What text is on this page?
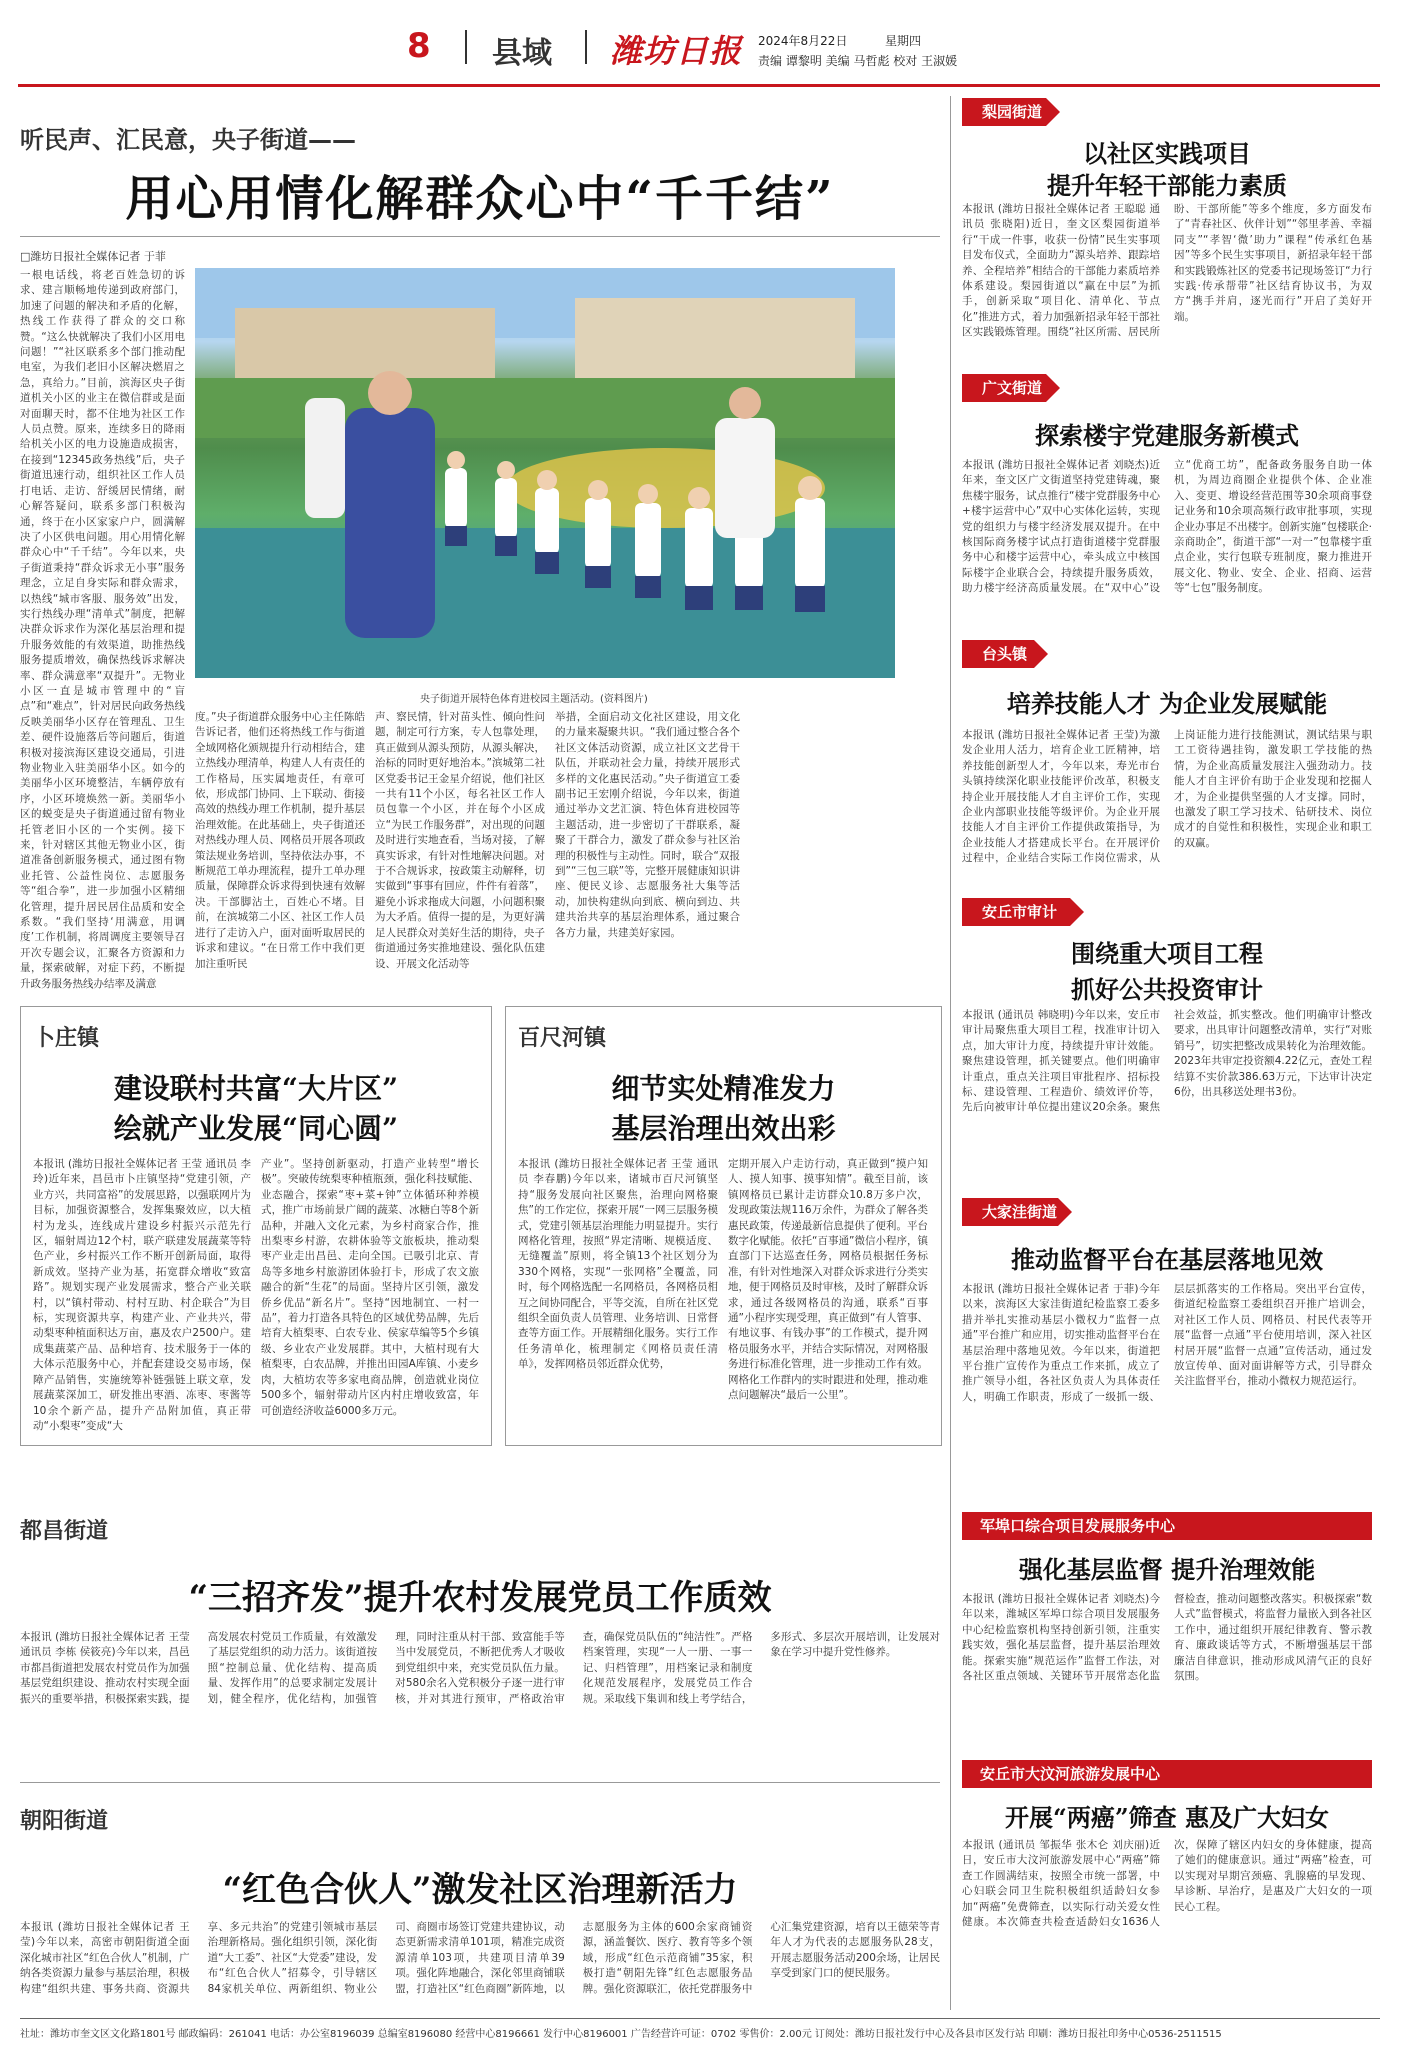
8 县域 潍坊日报 2024年8月22日	星期四
责编 谭黎明 美编 马哲彪 校对 王淑媛
听民声、汇民意，央子街道——
用心用情化解群众心中“千千结”
□潍坊日报社全媒体记者 于菲
一根电话线，将老百姓急切的诉求、建言顺畅地传递到政府部门，加速了问题的解决和矛盾的化解，热线工作获得了群众的交口称赞。“这么快就解决了我们小区用电问题！”“社区联系多个部门推动配电室，为我们老旧小区解决燃眉之急，真给力。”目前，滨海区央子街道机关小区的业主在微信群或是面对面聊天时，都不住地为社区工作人员点赞。原来，连续多日的降雨给机关小区的电力设施造成损害，在接到“12345政务热线”后，央子街道迅速行动，组织社区工作人员打电话、走访、舒缓居民情绪，耐心解答疑问，联系多部门积极沟通，终于在小区家家户户，圆满解决了小区供电问题。用心用情化解群众心中“千千结”。今年以来，央子街道秉持“群众诉求无小事”服务理念，立足自身实际和群众需求，以热线“城市客服、服务效”出发，实行热线办理“清单式”制度，把解决群众诉求作为深化基层治理和提升服务效能的有效渠道，助推热线服务提质增效，确保热线诉求解决率、群众满意率“双提升”。无物业小区一直是城市管理中的“盲点”和“难点”，针对居民向政务热线反映美丽华小区存在管理乱、卫生差、硬件设施落后等问题后，街道积极对接滨海区建设交通局，引进物业物业入驻美丽华小区。如今的美丽华小区环境整洁，车辆停放有序，小区环境焕然一新。美丽华小区的蜕变是央子街道通过留有物业托管老旧小区的一个实例。接下来，针对辖区其他无物业小区，街道准备创新服务模式，通过图有物业托管、公益性岗位、志愿服务等“组合拳”，进一步加强小区精细化管理，提升居民居住品质和安全系数。“我们坚持‘用满意，用调度’工作机制，将周调度主要领导召开次专题会议，汇聚各方资源和力量，探索破解，对症下药，不断提升政务服务热线办结率及满意
央子街道开展特色体育进校园主题活动。(资料图片)
度。”央子街道群众服务中心主任陈皓告诉记者，他们还将热线工作与街道全域网格化颁规提升行动相结合，建立热线办理清单，构建人人有责任的工作格局，压实属地责任，有章可依，形成部门协同、上下联动、街接高效的热线办理工作机制，提升基层治理效能。在此基础上，央子街道还对热线办理人员、网格员开展各项政策法规业务培训，坚持依法办事，不断规范工单办理流程，提升工单办理质量，保障群众诉求得到快速有效解决。干部脚沾土，百姓心不堵。目前，在滨城第二小区、社区工作人员进行了走访入户，面对面听取居民的诉求和建议。“在日常工作中我们更加注重听民
声、察民情，针对苗头性、倾向性问题，制定可行方案，专人包靠处理，真正做到从源头预防，从源头解决，治标的同时更好地治本。”滨城第二社区党委书记王金星介绍说，他们社区一共有11个小区，每名社区工作人员包靠一个小区，并在每个小区成立“为民工作服务群”，对出现的问题及时进行实地查看，当场对接，了解真实诉求，有针对性地解决问题。对于不合规诉求，按政策主动解释，切实做到“事事有回应，件件有着落”，避免小诉求拖成大问题，小问题积聚为大矛盾。值得一提的是，为更好满足人民群众对美好生活的期待，央子街道通过务实推地建设、强化队伍建设、开展文化活动等
举措，全面启动文化社区建设，用文化的力量来凝聚共识。“我们通过整合各个社区文体活动资源，成立社区文艺骨干队伍，并联动社会力量，持续开展形式多样的文化惠民活动。”央子街道宣工委副书记王宏刚介绍说，今年以来，街道通过举办文艺汇演、特色体育进校园等主题活动，进一步密切了干群联系，凝聚了干群合力，激发了群众参与社区治理的积极性与主动性。同时，联合“双报到”“三包三联”等，完整开展健康知识讲座、便民义诊、志愿服务社大集等活动，加快构建纵向到底、横向到边、共建共治共享的基层治理体系，通过聚合各方力量，共建美好家园。
卜庄镇
建设联村共富“大片区”
绘就产业发展“同心圆”
本报讯 (潍坊日报社全媒体记者 王莹 通讯员 李玲)近年来，昌邑市卜庄镇坚持“党建引领，产业方兴，共同富裕”的发展思路，以强联网片为目标，加强资源整合，发挥集聚效应，以大植村为龙头，连线成片建设乡村振兴示范先行区，辐射周边12个村，联产联建发展蔬菜等特色产业，乡村振兴工作不断开创新局面，取得新成效。坚持产业为基，拓宽群众增收“致富路”。规划实现产业发展需求，整合产业关联村，以“镇村带动、村村互助、村企联合”为目标，实现资源共享，构建产业、产业共兴，带动梨枣种植面积达万亩，惠及农户2500户。建成集蔬菜产品、品种培育、技术服务于一体的大体示范服务中心，并配套建设交易市场，保障产品销售，实施统筹补链强链上联文章，发展蔬菜深加工，研发推出枣酒、冻枣、枣酱等10余个新产品，提升产品附加值，真正带动“小梨枣”变成“大
产业”。坚持创新驱动，打造产业转型“增长极”。突破传统梨枣种植瓶颈，强化科技赋能、业态融合，探索“枣+菜+钟”立体循环种养模式，推广市场前景广阔的蔬菜、冰糖白等8个新品种，并融入文化元素，为乡村商家合作，推出梨枣乡村游，农耕体验等文旅板块，推动梨枣产业走出昌邑、走向全国。已吸引北京、青岛等多地乡村旅游团体验打卡，形成了农文旅融合的新“生花”的局面。坚持片区引领，激发侨乡优品“新名片”。坚持“因地制宜、一村一品”，着力打造各具特色的区域优势品牌，先后培育大植梨枣、白农专业、侯家草编等5个乡镇级、乡业农产业发展群。其中，大植村现有大植梨枣，白农品牌，并推出田园A库镇、小麦乡肉，大植坊农等多家电商品牌，创造就业岗位500多个，辐射带动片区内村庄增收致富，年可创造经济收益6000多万元。
百尺河镇
细节实处精准发力
基层治理出效出彩
本报讯 (潍坊日报社全媒体记者 王莹 通讯员 李春鹏)今年以来，诸城市百尺河镇坚持“服务发展向社区聚焦，治理向网格聚焦”的工作定位，探索开展“一网三层服务模式，党建引领基层治理能力明显提升。实行网格化管理，按照“界定清晰、规模适度、无缝覆盖”原则，将全镇13个社区划分为330个网格，实现“一张网格”全覆盖，同时，每个网格选配一名网格员，各网格员相互之间协同配合，平等交流，自所在社区党组织全面负责人员管理、业务培训、日常督查等方面工作。开展精细化服务。实行工作任务清单化，梳理制定《网格员责任清单》，发挥网格员邻近群众优势，
定期开展入户走访行动，真正做到“摸户知人、摸人知事、摸事知情”。截至目前，该镇网格员已累计走访群众10.8万多户次，发现政策法规116万余件，为群众了解各类惠民政策，传递最新信息提供了便利。平台数字化赋能。依托“百事通”微信小程序，镇直部门下达巡查任务，网格员根据任务标准，有针对性地深入对群众诉求进行分类实地，便于网格员及时审核，及时了解群众诉求，通过各级网格员的沟通，联系“百事通”小程序实现受理，真正做到“有人管事、有地议事、有钱办事”的工作模式，提升网格员服务水平，并结合实际情况，对网格服务进行标准化管理，进一步推动工作有效。网格化工作群内的实时跟进和处理，推动难点问题解决“最后一公里”。
都昌街道
“三招齐发”提升农村发展党员工作质效
本报讯 (潍坊日报社全媒体记者 王莹 通讯员 李栋 侯筱亮)今年以来，昌邑市都昌街道把发展农村党员作为加强基层党组织建设、推动农村实现全面振兴的重要举措，积极探索实践，提高发展农村党员工作质量，有效激发了基层党组织的动力活力。该街道按照“控制总量、优化结构、提高质量、发挥作用”的总要求制定发展计划，健全程序，优化结构，加强管理，同时注重从村干部、致富能手等当中发展党员，不断把优秀人才吸收到党组织中来，充实党员队伍力量。对580余名入党积极分子逐一进行审核，并对其进行预审，严格政治审查，确保党员队伍的“纯洁性”。严格档案管理，实现“一人一册、一事一记、归档管理”，用档案记录和制度化规范发展程序，发展党员工作合规。采取线下集训和线上考学结合，多形式、多层次开展培训，让发展对象在学习中提升党性修养。
朝阳街道
“红色合伙人”激发社区治理新活力
本报讯 (潍坊日报社全媒体记者 王莹)今年以来，高密市朝阳街道全面深化城市社区“红色合伙人”机制，广纳各类资源力量参与基层治理，积极构建“组织共建、事务共商、资源共享、多元共治”的党建引领城市基层治理新格局。强化组织引领，深化街道“大工委”、社区“大党委”建设，发布“红色合伙人”招募令，引导辖区84家机关单位、两新组织、物业公司、商圈市场签订党建共建协议，动态更新需求清单101项，精准完成资源清单103项，共建项目清单39项。强化阵地融合，深化邻里商铺联盟，打造社区“红色商圈”新阵地，以志愿服务为主体的600余家商铺资源，涵盖餐饮、医疗、教育等多个领域，形成“红色示范商铺”35家，积极打造“朝阳先锋”红色志愿服务品牌。强化资源联汇，依托党群服务中心汇集党建资源，培育以王德荣等青年人才为代表的志愿服务队28支，开展志愿服务活动200余场，让居民享受到家门口的便民服务。
梨园街道
以社区实践项目
提升年轻干部能力素质
本报讯 (潍坊日报社全媒体记者 王聪聪 通讯员 张晓阳)近日，奎文区梨园街道举行“干成一件事，收获一份情”民生实事项目发布仪式，全面助力“源头培养、跟踪培养、全程培养”相结合的干部能力素质培养体系建设。梨园街道以“赢在中层”为抓手，创新采取“项目化、清单化、节点化”推进方式，着力加强新招录年轻干部社区实践锻炼管理。围绕“社区所需、居民所盼、干部所能”等多个维度，多方面发布了“青春社区、伙伴计划”“邻里孝善、幸福同支”“孝智‘微’助力”课程“传承红色基因”等多个民生实事项目，新招录年轻干部和实践锻炼社区的党委书记现场签订“力行实践·传承帮带”社区结育协议书，为双方“携手并肩，逐光而行”开启了美好开端。
广文街道
探索楼宇党建服务新模式
本报讯 (潍坊日报社全媒体记者 刘晓杰)近年来，奎文区广文街道坚持党建铸魂，聚焦楼宇服务，试点推行“楼宇党群服务中心+楼宇运营中心”双中心实体化运转，实现党的组织力与楼宇经济发展双提升。在中核国际商务楼宇试点打造街道楼宇党群服务中心和楼宇运营中心，牵头成立中核国际楼宇企业联合会，持续提升服务质效，助力楼宇经济高质量发展。在“双中心”设立“优商工坊”，配备政务服务自助一体机，为周边商圈企业提供个体、企业准入、变更、增设经营范围等30余项商事登记业务和10余项高频行政审批事项，实现企业办事足不出楼宇。创新实施“包楼联企·亲商助企”，街道干部“一对一”包靠楼宇重点企业，实行包联专班制度，聚力推进开展文化、物业、安全、企业、招商、运营等“七包”服务制度。
台头镇
培养技能人才 为企业发展赋能
本报讯 (潍坊日报社全媒体记者 王莹)为激发企业用人活力，培育企业工匠精神，培养技能创新型人才，今年以来，寿光市台头镇持续深化职业技能评价改革，积极支持企业开展技能人才自主评价工作，实现企业内部职业技能等级评价。为企业开展技能人才自主评价工作提供政策指导，为企业技能人才搭建成长平台。在开展评价过程中，企业结合实际工作岗位需求，从上岗证能力进行技能测试，测试结果与职工工资待遇挂钩，激发职工学技能的热情，为企业高质量发展注入强劲动力。技能人才自主评价有助于企业发现和挖掘人才，为企业提供坚强的人才支撑。同时，也激发了职工学习技术、钻研技术、岗位成才的自觉性和积极性，实现企业和职工的双赢。
安丘市审计局	围绕重大项目工程
抓好公共投资审计
本报讯 (通讯员 韩晓明)今年以来，安丘市审计局聚焦重大项目工程，找准审计切入点，加大审计力度，持续提升审计效能。聚焦建设管理，抓关键要点。他们明确审计重点，重点关注项目审批程序、招标投标、建设管理、工程造价、绩效评价等，先后向被审计单位提出建议20余条。聚焦社会效益，抓实整改。他们明确审计整改要求，出具审计问题整改清单，实行“对账销号”，切实把整改成果转化为治理效能。2023年共审定投资额4.22亿元，查处工程结算不实价款386.63万元，下达审计决定6份，出具移送处理书3份。
大家洼街道
推动监督平台在基层落地见效
本报讯 (潍坊日报社全媒体记者 于菲)今年以来，滨海区大家洼街道纪检监察工委多措并举扎实推动基层小微权力“监督一点通”平台推广和应用，切实推动监督平台在基层治理中落地见效。今年以来，街道把平台推广宣传作为重点工作来抓，成立了推广领导小组，各社区负责人为具体责任人，明确工作职责，形成了一级抓一级、层层抓落实的工作格局。突出平台宣传，街道纪检监察工委组织召开推广培训会，对社区工作人员、网格员、村民代表等开展“监督一点通”平台使用培训，深入社区村居开展“监督一点通”宣传活动，通过发放宣传单、面对面讲解等方式，引导群众关注监督平台，推动小微权力规范运行。
军埠口综合项目发展服务中心
强化基层监督 提升治理效能
本报讯 (潍坊日报社全媒体记者 刘晓杰)今年以来，潍城区军埠口综合项目发展服务中心纪检监察机构坚持创新引领，注重实践实效，强化基层监督，提升基层治理效能。探索实施“规范运作”监督工作法，对各社区重点领域、关键环节开展常态化监督检查，推动问题整改落实。积极探索“数人式”监督模式，将监督力量嵌入到各社区工作中，通过组织开展纪律教育、警示教育、廉政谈话等方式，不断增强基层干部廉洁自律意识，推动形成风清气正的良好氛围。
安丘市大汶河旅游发展中心
开展“两癌”筛查 惠及广大妇女
本报讯 (通讯员 邹振华 张木仑 刘庆丽)近日，安丘市大汶河旅游发展中心“两癌”筛查工作圆满结束，按照全市统一部署，中心妇联会同卫生院积极组织适龄妇女参加“两癌”免费筛查，以实际行动关爱女性健康。本次筛查共检查适龄妇女1636人次，保障了辖区内妇女的身体健康，提高了她们的健康意识。通过“两癌”检查，可以实现对早期宫颈癌、乳腺癌的早发现、早诊断、早治疗，是惠及广大妇女的一项民心工程。
社址：潍坊市奎文区文化路1801号 邮政编码：261041 电话：办公室8196039 总编室8196080 经营中心8196661 发行中心8196001 广告经营许可证：0702 零售价：2.00元 订阅处：潍坊日报社发行中心及各县市区发行站 印刷：潍坊日报社印务中心0536-2511515
